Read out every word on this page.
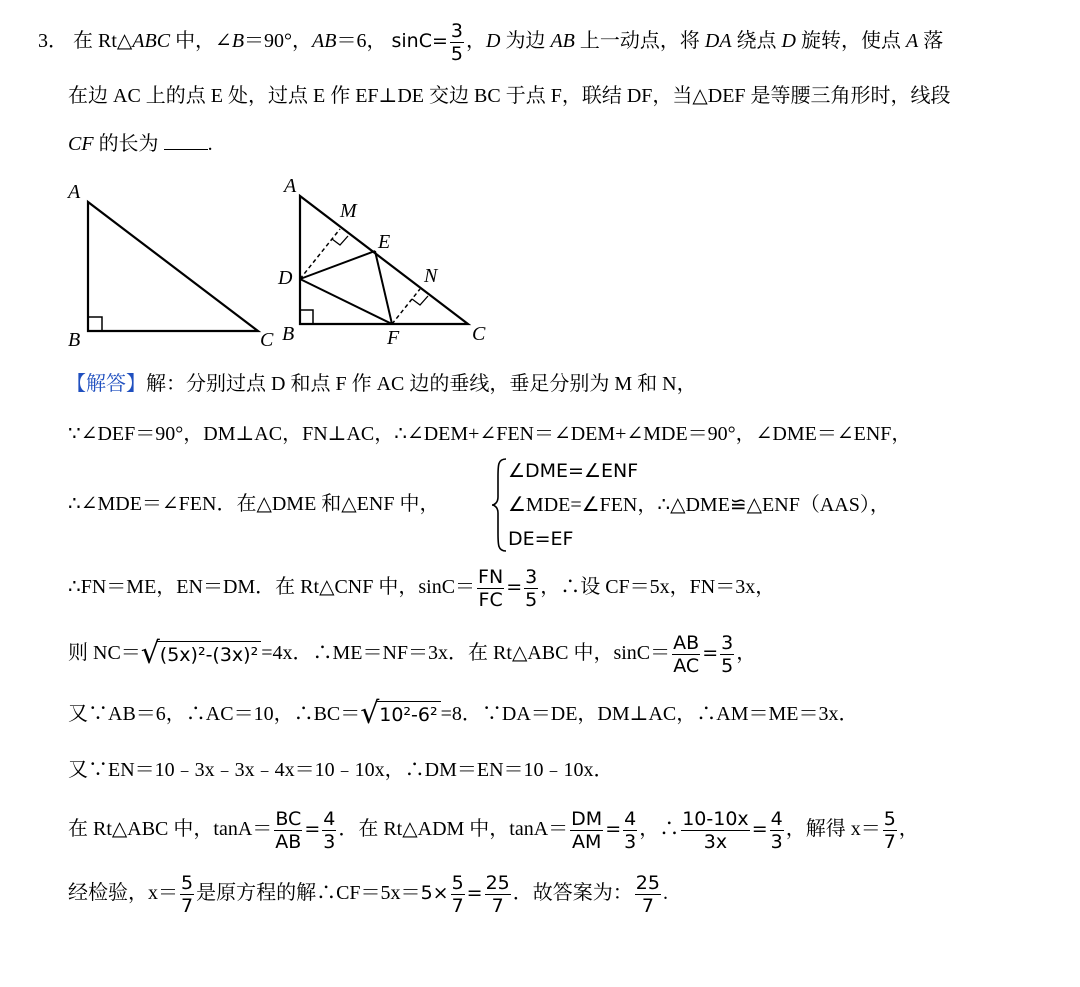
3． 在 Rt△ABC 中，∠B＝90°，AB＝6， $\sin C= \frac{3}{5}$ ，D 为边 AB 上一动点，将 DA 绕点 D 旋转，使点 A 落
在边 AC 上的点 E 处，过点 E 作 EF⊥DE 交边 BC 于点 F，联结 DF，当△DEF 是等腰三角形时，线段
CF 的长为 .
A
B	C
A
M
E
D	N
B	F	C
【解答】解：分别过点 D 和点 F 作 AC 边的垂线，垂足分别为 M 和 N，
∵∠DEF＝90°，DM⊥AC，FN⊥AC，∴∠DEM+∠FEN＝∠DEM+∠MDE＝90°，∠DME＝∠ENF，
∴∠MDE＝∠FEN．在△DME 和△ENF 中，
∠DME=∠ENF
∠MDE=∠FEN，∴△DME≌△ENF（AAS），
DE=EF
∴FN＝ME，EN＝DM．在 Rt△CNF 中，$\sin C= \frac{FN}{FC} = \frac{3}{5}$ ，∴设 CF＝5x，FN＝3x，
则 NC＝ √ (5x)²-(3x)² =4x．∴ME＝NF＝3x．在 Rt△ABC 中，$\sin C= \frac{AB}{AC} = \frac{3}{5}$ ，
又∵AB＝6，∴AC＝10，∴BC＝ √ 10²-6² =8．∵DA＝DE，DM⊥AC，∴AM＝ME＝3x．
又∵EN＝10﹣3x﹣3x﹣4x＝10﹣10x，∴DM＝EN＝10﹣10x．
在 Rt△ABC 中，$\tan A= \frac{BC}{AB} = \frac{4}{3}$ ．在 Rt△ADM 中，$\tan A= \frac{DM}{AM} = \frac{4}{3}$ ，∴ $\frac{10-10x}{3x} = \frac{4}{3}$ ，解得 $x= \frac{5}{7}$ ，
经检验，$x= \frac{5}{7}$ 是原方程的解∴CF＝5x＝5× $\frac{5}{7} = \frac{25}{7}$ ．故答案为： $\frac{25}{7}$ .
